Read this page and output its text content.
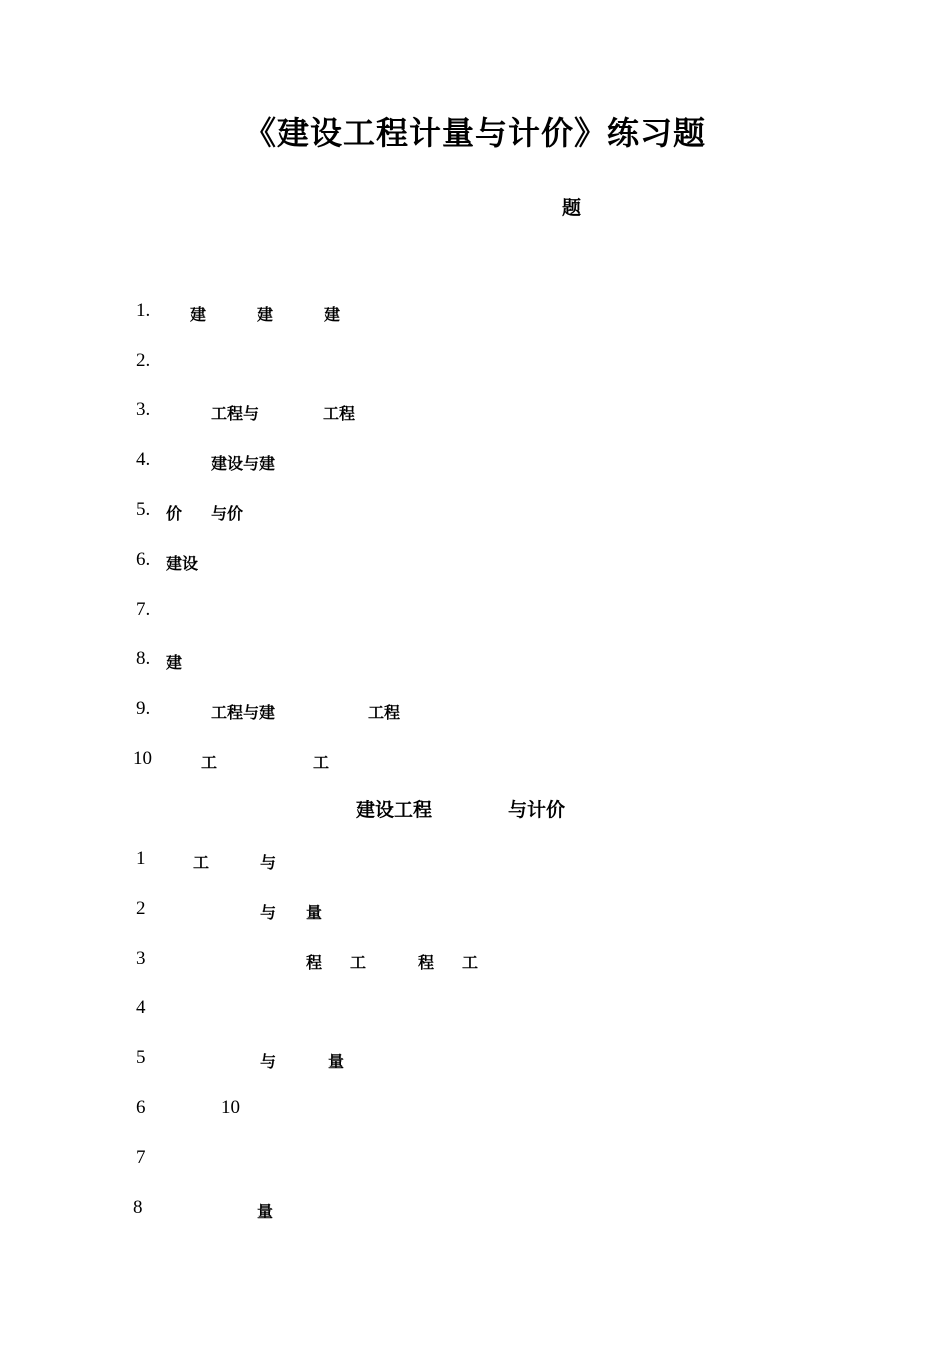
《建设工程计量与计价》练习题
题
1. 建	建	建
2.
3.	工程与	工程
4.	建设与建
5. 价 与价
6. 建设
7.
8. 建
9.	工程与建	工程
10	工	工
建设工程	与计价
1	工	与
2	与 量
3	程 工	程 工
4
5	与	量
6	10
7
8	量
